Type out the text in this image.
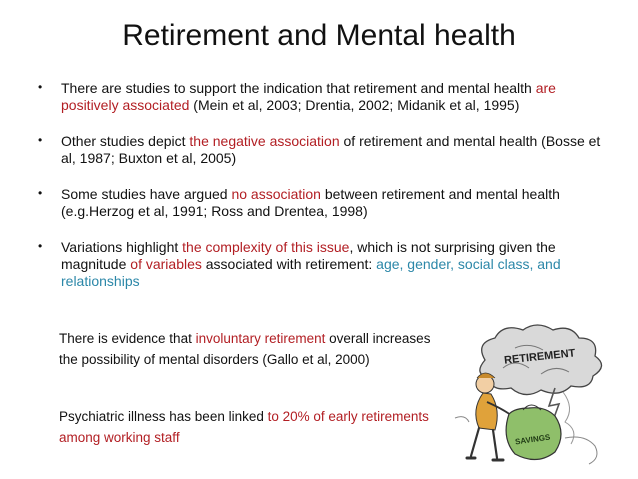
Retirement and Mental health
• There are studies to support the indication that retirement and mental health are positively associated (Mein et al, 2003; Drentia, 2002; Midanik et al, 1995)
• Other studies depict the negative association of retirement and mental health (Bosse et al, 1987; Buxton et al, 2005)
• Some studies have argued no association between retirement and mental health (e.g.Herzog et al, 1991; Ross and Drentea, 1998)
• Variations highlight the complexity of this issue, which is not surprising given the magnitude of variables associated with retirement: age, gender, social class, and relationships
There is evidence that involuntary retirement overall increases the possibility of mental disorders (Gallo et al, 2000)
Psychiatric illness has been linked to 20% of early retirements among working staff
RETIREMENT
SAVINGS
